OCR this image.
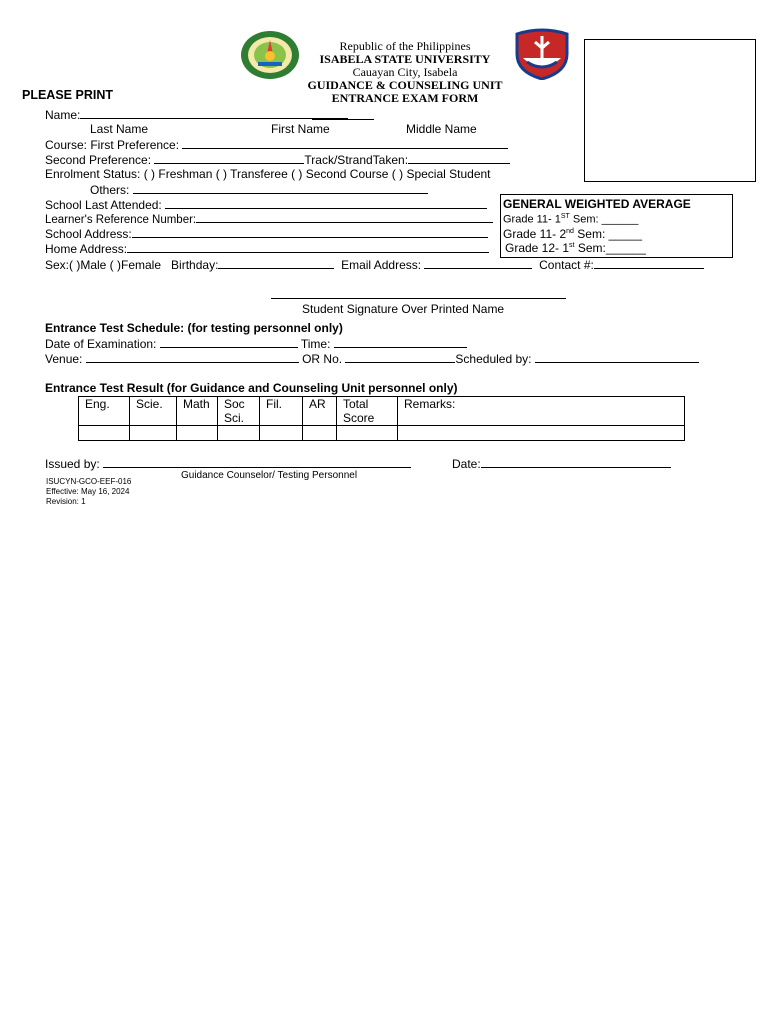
Republic of the Philippines
ISABELA STATE UNIVERSITY
Cauayan City, Isabela
GUIDANCE & COUNSELING UNIT
ENTRANCE EXAM FORM
PLEASE PRINT
Name:
Last Name	First Name	Middle Name
Course: First Preference:
Second Preference:	Track/StrandTaken:
Enrolment Status: ( ) Freshman ( ) Transferee ( ) Second Course ( ) Special Student
Others:
School Last Attended:
Learner's Reference Number:
School Address:
Home Address:
GENERAL WEIGHTED AVERAGE
Grade 11- 1ST Sem: ______
Grade 11- 2nd Sem: _____
Grade 12- 1st Sem:______
Sex:( )Male ( )Female Birthday:	Email Address:	Contact #:
Student Signature Over Printed Name
Entrance Test Schedule: (for testing personnel only)
Date of Examination:	Time:
Venue:	OR No.	Scheduled by:
Entrance Test Result (for Guidance and Counseling Unit personnel only)
Eng.	Scie.	Math	Soc Sci.	Fil.	AR	Total Score	Remarks:

Issued by:
Guidance Counselor/ Testing Personnel
Date:
ISUCYN-GCO-EEF-016
Effective: May 16, 2024
Revision: 1
